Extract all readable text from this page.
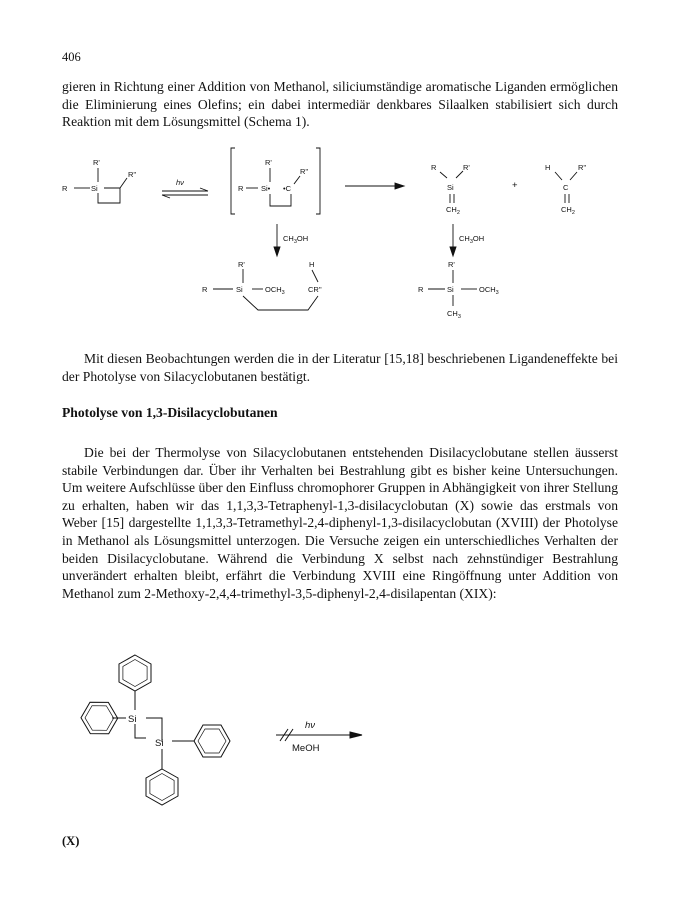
406

gieren in Richtung einer Addition von Methanol, siliciumständige aromatische Liganden ermöglichen die Eliminierung eines Olefins; ein dabei intermediär denkbares Silaalken stabilisiert sich durch Reaktion mit dem Lösungsmittel (Schema 1).

R'
R	Si
R''
hν
R'
R''
R Si• •C
R	R'
Si
$CH_2$
+
H	R''
C
$CH_2$
$CH_3OH$	$CH_3OH$
R'	H
R	Si	$OCH_3$	CR''
R'
R	Si	$OCH_3$
$CH_3$

Mit diesen Beobachtungen werden die in der Literatur [15,18] beschriebenen Ligandeneffekte bei der Photolyse von Silacyclobutanen bestätigt.

Photolyse von 1,3-Disilacyclobutanen

Die bei der Thermolyse von Silacyclobutanen entstehenden Disilacyclobutane stellen äusserst stabile Verbindungen dar. Über ihr Verhalten bei Bestrahlung gibt es bisher keine Untersuchungen. Um weitere Aufschlüsse über den Einfluss chromophorer Gruppen in Abhängigkeit von ihrer Stellung zu erhalten, haben wir das 1,1,3,3-Tetraphenyl-1,3-disilacyclobutan (X) sowie das erstmals von Weber [15] dargestellte 1,1,3,3-Tetramethyl-2,4-diphenyl-1,3-disilacyclobutan (XVIII) der Photolyse in Methanol als Lösungsmittel unterzogen. Die Versuche zeigen ein unterschiedliches Verhalten der beiden Disilacyclobutane. Während die Verbindung X selbst nach zehnstündiger Bestrahlung unverändert erhalten bleibt, erfährt die Verbindung XVIII eine Ringöffnung unter Addition von Methanol zum 2-Methoxy-2,4,4-trimethyl-3,5-diphenyl-2,4-disilapentan (XIX):

Si
Si
hν
MeOH
(X)
